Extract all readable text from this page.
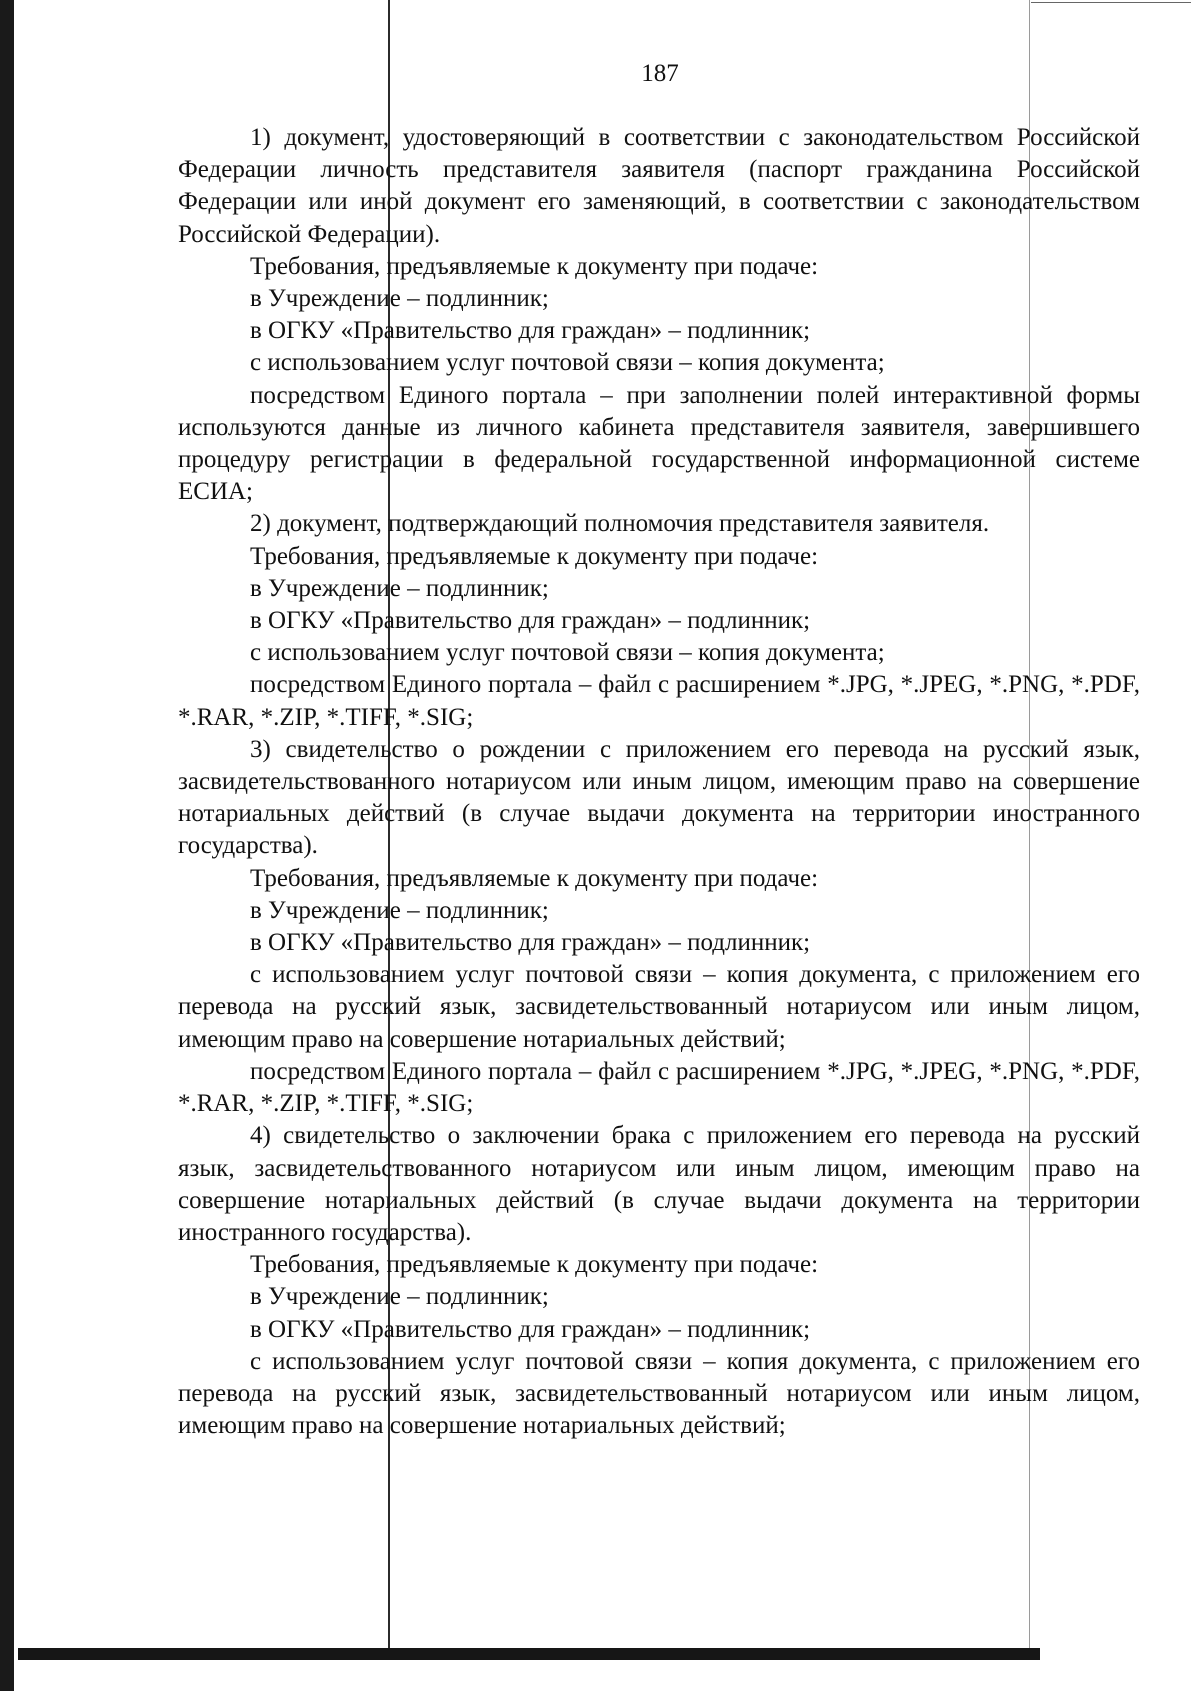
187

1) документ, удостоверяющий в соответствии с законодательством Российской Федерации личность представителя заявителя (паспорт гражданина Российской Федерации или иной документ его заменяющий, в соответствии с законодательством Российской Федерации).

Требования, предъявляемые к документу при подаче:

в Учреждение – подлинник;

в ОГКУ «Правительство для граждан» – подлинник;

с использованием услуг почтовой связи – копия документа;

посредством Единого портала – при заполнении полей интерактивной формы используются данные из личного кабинета представителя заявителя, завершившего процедуру регистрации в федеральной государственной информационной системе ЕСИА;

2) документ, подтверждающий полномочия представителя заявителя.

Требования, предъявляемые к документу при подаче:

в Учреждение – подлинник;

в ОГКУ «Правительство для граждан» – подлинник;

с использованием услуг почтовой связи – копия документа;

посредством Единого портала – файл с расширением *.JPG, *.JPEG, *.PNG, *.PDF, *.RAR, *.ZIP, *.TIFF, *.SIG;

3) свидетельство о рождении с приложением его перевода на русский язык, засвидетельствованного нотариусом или иным лицом, имеющим право на совершение нотариальных действий (в случае выдачи документа на территории иностранного государства).

Требования, предъявляемые к документу при подаче:

в Учреждение – подлинник;

в ОГКУ «Правительство для граждан» – подлинник;

с использованием услуг почтовой связи – копия документа, с приложением его перевода на русский язык, засвидетельствованный нотариусом или иным лицом, имеющим право на совершение нотариальных действий;

посредством Единого портала – файл с расширением *.JPG, *.JPEG, *.PNG, *.PDF, *.RAR, *.ZIP, *.TIFF, *.SIG;

4) свидетельство о заключении брака с приложением его перевода на русский язык, засвидетельствованного нотариусом или иным лицом, имеющим право на совершение нотариальных действий (в случае выдачи документа на территории иностранного государства).

Требования, предъявляемые к документу при подаче:

в Учреждение – подлинник;

в ОГКУ «Правительство для граждан» – подлинник;

с использованием услуг почтовой связи – копия документа, с приложением его перевода на русский язык, засвидетельствованный нотариусом или иным лицом, имеющим право на совершение нотариальных действий;
